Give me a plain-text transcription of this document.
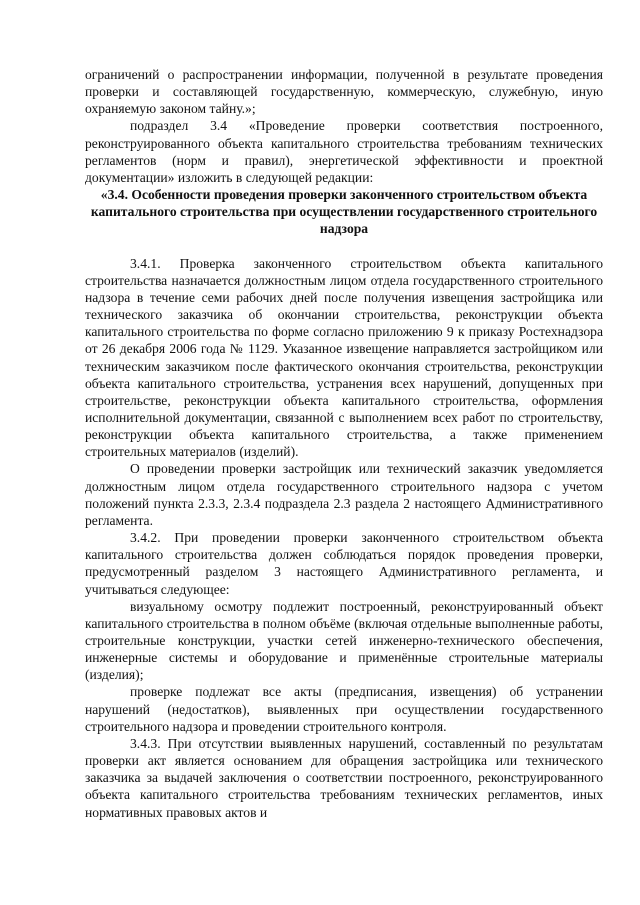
ограничений о распространении информации, полученной в результате проведения проверки и составляющей государственную, коммерческую, служебную, иную охраняемую законом тайну.»;

подраздел 3.4 «Проведение проверки соответствия построенного, реконструированного объекта капитального строительства требованиям технических регламентов (норм и правил), энергетической эффективности и проектной документации» изложить в следующей редакции:

«3.4. Особенности проведения проверки законченного строительством объекта капитального строительства при осуществлении государственного строительного надзора

3.4.1. Проверка законченного строительством объекта капитального строительства назначается должностным лицом отдела государственного строительного надзора в течение семи рабочих дней после получения извещения застройщика или технического заказчика об окончании строительства, реконструкции объекта капитального строительства по форме согласно приложению 9 к приказу Ростехнадзора от 26 декабря 2006 года № 1129. Указанное извещение направляется застройщиком или техническим заказчиком после фактического окончания строительства, реконструкции объекта капитального строительства, устранения всех нарушений, допущенных при строительстве, реконструкции объекта капитального строительства, оформления исполнительной документации, связанной с выполнением всех работ по строительству, реконструкции объекта капитального строительства, а также применением строительных материалов (изделий).

О проведении проверки застройщик или технический заказчик уведомляется должностным лицом отдела государственного строительного надзора с учетом положений пункта 2.3.3, 2.3.4 подраздела 2.3 раздела 2 настоящего Административного регламента.

3.4.2. При проведении проверки законченного строительством объекта капитального строительства должен соблюдаться порядок проведения проверки, предусмотренный разделом 3 настоящего Административного регламента, и учитываться следующее:

визуальному осмотру подлежит построенный, реконструированный объект капитального строительства в полном объёме (включая отдельные выполненные работы, строительные конструкции, участки сетей инженерно-технического обеспечения, инженерные системы и оборудование и применённые строительные материалы (изделия);

проверке подлежат все акты (предписания, извещения) об устранении нарушений (недостатков), выявленных при осуществлении государственного строительного надзора и проведении строительного контроля.

3.4.3. При отсутствии выявленных нарушений, составленный по результатам проверки акт является основанием для обращения застройщика или технического заказчика за выдачей заключения о соответствии построенного, реконструированного объекта капитального строительства требованиям технических регламентов, иных нормативных правовых актов и
